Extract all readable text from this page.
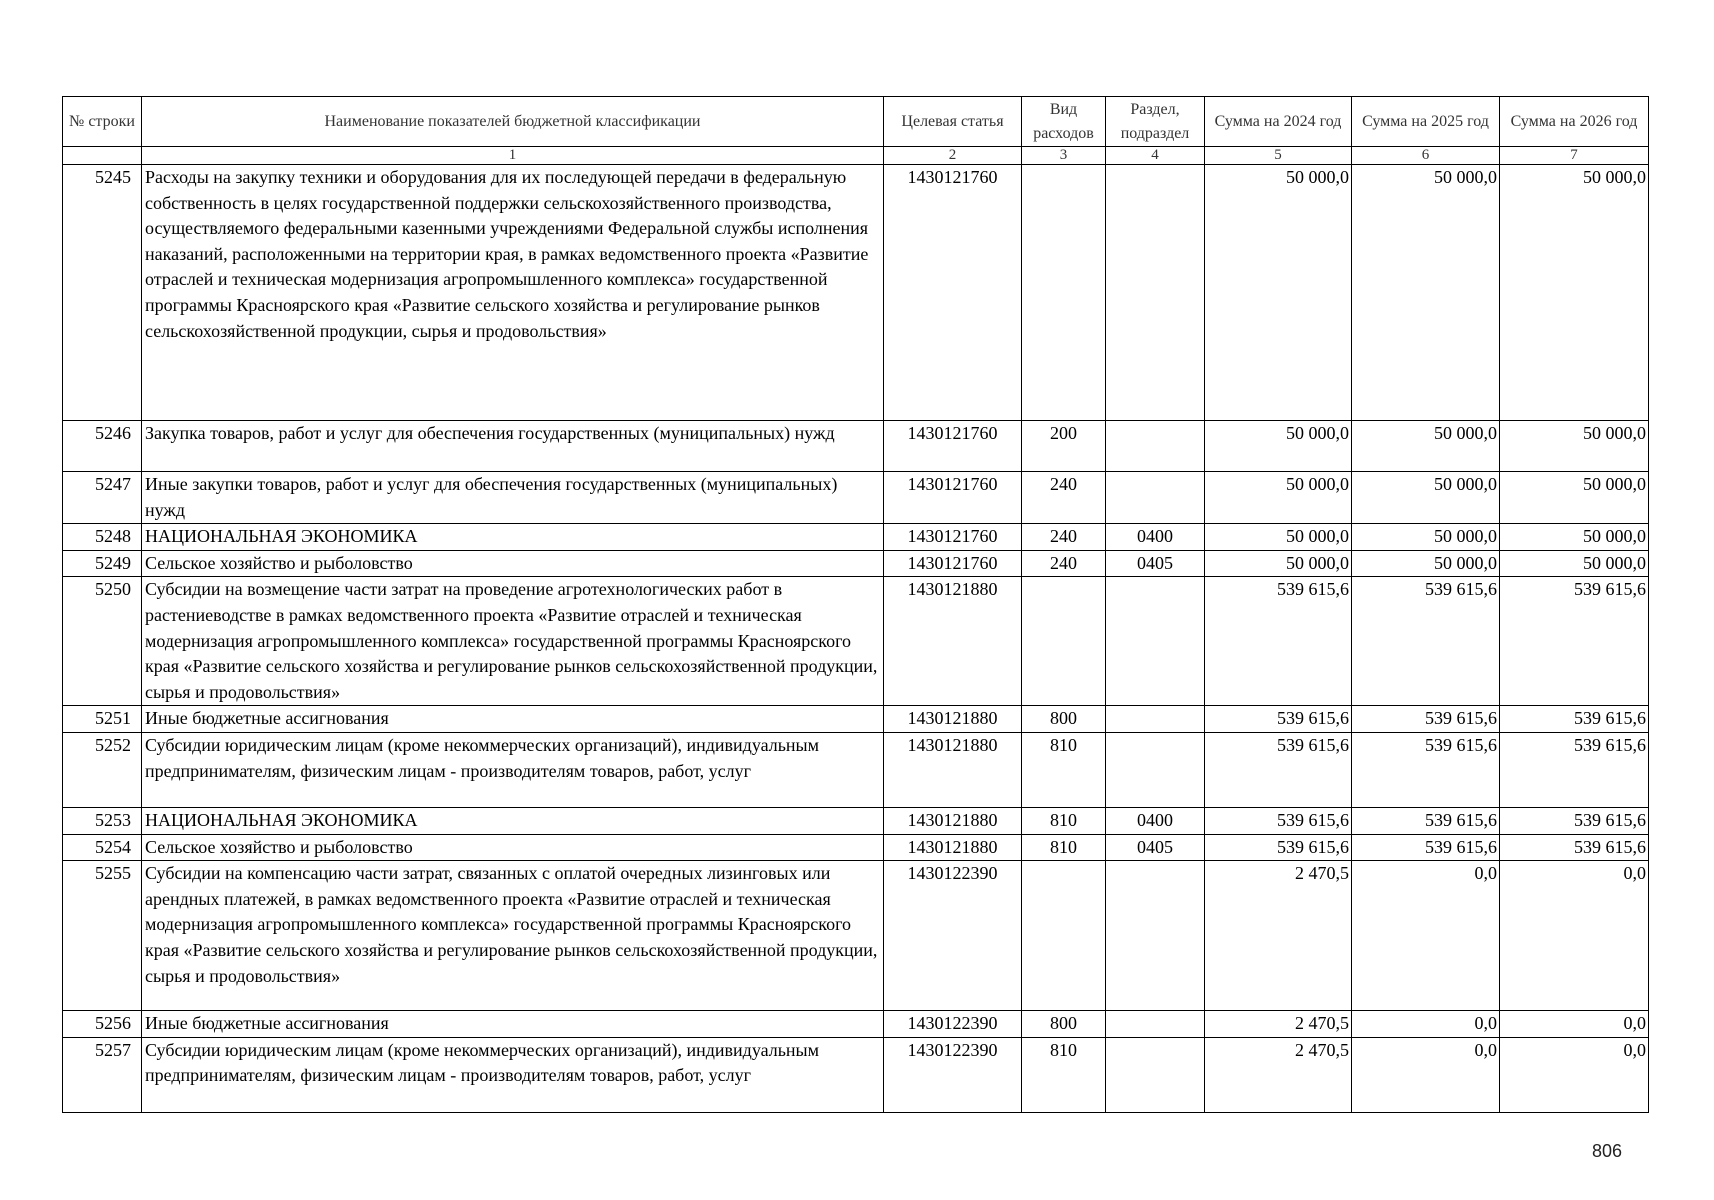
№ строки	Наименование показателей бюджетной классификации	Целевая статья	Вид расходов	Раздел, подраздел	Сумма на 2024 год	Сумма на 2025 год	Сумма на 2026 год
	1	2	3	4	5	6	7
5245	Расходы на закупку техники и оборудования для их последующей передачи в федеральную собственность в целях государственной поддержки сельскохозяйственного производства, осуществляемого федеральными казенными учреждениями Федеральной службы исполнения наказаний, расположенными на территории края, в рамках ведомственного проекта «Развитие отраслей и техническая модернизация агропромышленного комплекса» государственной программы Красноярского края «Развитие сельского хозяйства и регулирование рынков сельскохозяйственной продукции, сырья и продовольствия»	1430121760			50 000,0	50 000,0	50 000,0
5246	Закупка товаров, работ и услуг для обеспечения государственных (муниципальных) нужд	1430121760	200		50 000,0	50 000,0	50 000,0
5247	Иные закупки товаров, работ и услуг для обеспечения государственных (муниципальных) нужд	1430121760	240		50 000,0	50 000,0	50 000,0
5248	НАЦИОНАЛЬНАЯ ЭКОНОМИКА	1430121760	240	0400	50 000,0	50 000,0	50 000,0
5249	Сельское хозяйство и рыболовство	1430121760	240	0405	50 000,0	50 000,0	50 000,0
5250	Субсидии на возмещение части затрат на проведение агротехнологических работ в растениеводстве в рамках ведомственного проекта «Развитие отраслей и техническая модернизация агропромышленного комплекса» государственной программы Красноярского края «Развитие сельского хозяйства и регулирование рынков сельскохозяйственной продукции, сырья и продовольствия»	1430121880			539 615,6	539 615,6	539 615,6
5251	Иные бюджетные ассигнования	1430121880	800		539 615,6	539 615,6	539 615,6
5252	Субсидии юридическим лицам (кроме некоммерческих организаций), индивидуальным предпринимателям, физическим лицам - производителям товаров, работ, услуг	1430121880	810		539 615,6	539 615,6	539 615,6
5253	НАЦИОНАЛЬНАЯ ЭКОНОМИКА	1430121880	810	0400	539 615,6	539 615,6	539 615,6
5254	Сельское хозяйство и рыболовство	1430121880	810	0405	539 615,6	539 615,6	539 615,6
5255	Субсидии на компенсацию части затрат, связанных с оплатой очередных лизинговых или арендных платежей, в рамках ведомственного проекта «Развитие отраслей и техническая модернизация агропромышленного комплекса» государственной программы Красноярского края «Развитие сельского хозяйства и регулирование рынков сельскохозяйственной продукции, сырья и продовольствия»	1430122390			2 470,5	0,0	0,0
5256	Иные бюджетные ассигнования	1430122390	800		2 470,5	0,0	0,0
5257	Субсидии юридическим лицам (кроме некоммерческих организаций), индивидуальным предпринимателям, физическим лицам - производителям товаров, работ, услуг	1430122390	810		2 470,5	0,0	0,0
806
